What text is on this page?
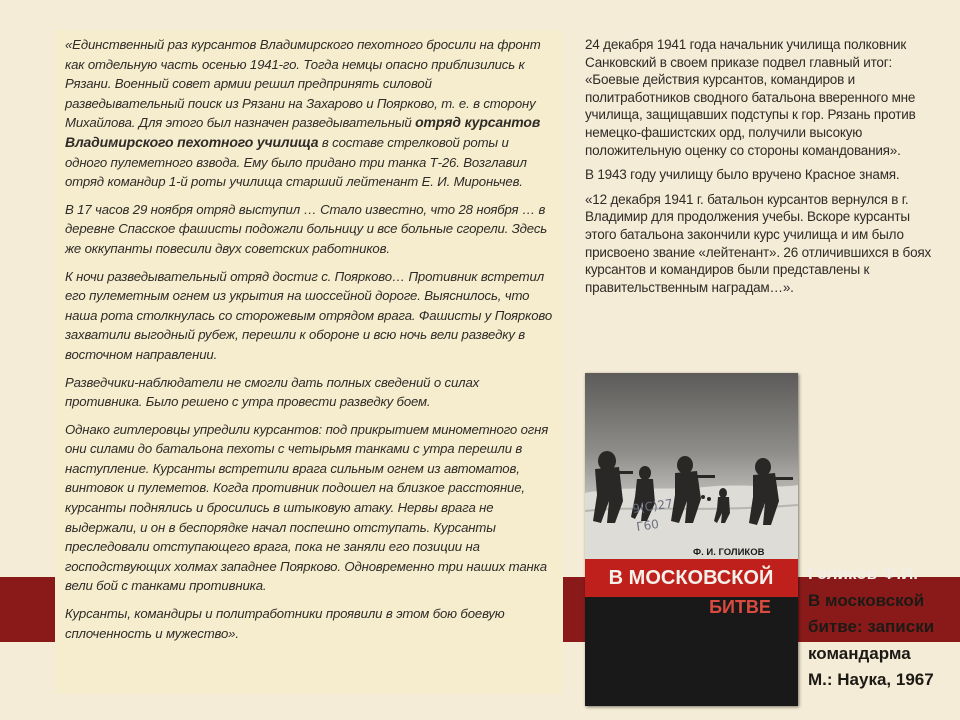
«Единственный раз курсантов Владимирского пехотного бросили на фронт как отдельную часть осенью 1941-го. Тогда немцы опасно приблизились к Рязани. Военный совет армии решил предпринять силовой разведывательный поиск из Рязани на Захарово и Поярково, т. е. в сторону Михайлова. Для этого был назначен разведывательный отряд курсантов Владимирского пехотного училища в составе стрелковой роты и одного пулеметного взвода. Ему было придано три танка Т-26. Возглавил отряд командир 1-й роты училища старший лейтенант Е. И. Мироньчев.

В 17 часов 29 ноября отряд выступил … Стало известно, что 28 ноября … в деревне Спасское фашисты подожгли больницу и все больные сгорели. Здесь же оккупанты повесили двух советских работников.

К ночи разведывательный отряд достиг с. Поярково… Противник встретил его пулеметным огнем из укрытия на шоссейной дороге. Выяснилось, что наша рота столкнулась со сторожевым отрядом врага. Фашисты у Поярково захватили выгодный рубеж, перешли к обороне и всю ночь вели разведку в восточном направлении.

Разведчики-наблюдатели не смогли дать полных сведений о силах противника. Было решено с утра провести разведку боем.

Однако гитлеровцы упредили курсантов: под прикрытием минометного огня они силами до батальона пехоты с четырьмя танками с утра перешли в наступление. Курсанты встретили врага сильным огнем из автоматов, винтовок и пулеметов. Когда противник подошел на близкое расстояние, курсанты поднялись и бросились в штыковую атаку. Нервы врага не выдержали, и он в беспорядке начал поспешно отступать. Курсанты преследовали отступающего врага, пока не заняли его позиции на господствующих холмах западнее Поярково. Одновременно три наших танка вели бой с танками противника.

Курсанты, командиры и политработники проявили в этом бою боевую сплоченность и мужество».

24 декабря 1941 года начальник училища полковник Санковский в своем приказе подвел главный итог: «Боевые действия курсантов, командиров и политработников сводного батальона вверенного мне училища, защищавших подступы к гор. Рязань против немецко-фашистских орд, получили высокую положительную оценку со стороны командования».

В 1943 году училищу было вручено Красное знамя.

«12 декабря 1941 г. батальон курсантов вернулся в г. Владимир для продолжения учебы. Вскоре курсанты этого батальона закончили курс училища и им было присвоено звание «лейтенант». 26 отличившихся в боях курсантов и командиров были представлены к правительственным наградам…».

9(С)27
Г60
Ф. И. ГОЛИКОВ
В МОСКОВСКОЙ
БИТВЕ
Голиков Ф.И.
В московской
битве: записки
командарма
М.: Наука, 1967
